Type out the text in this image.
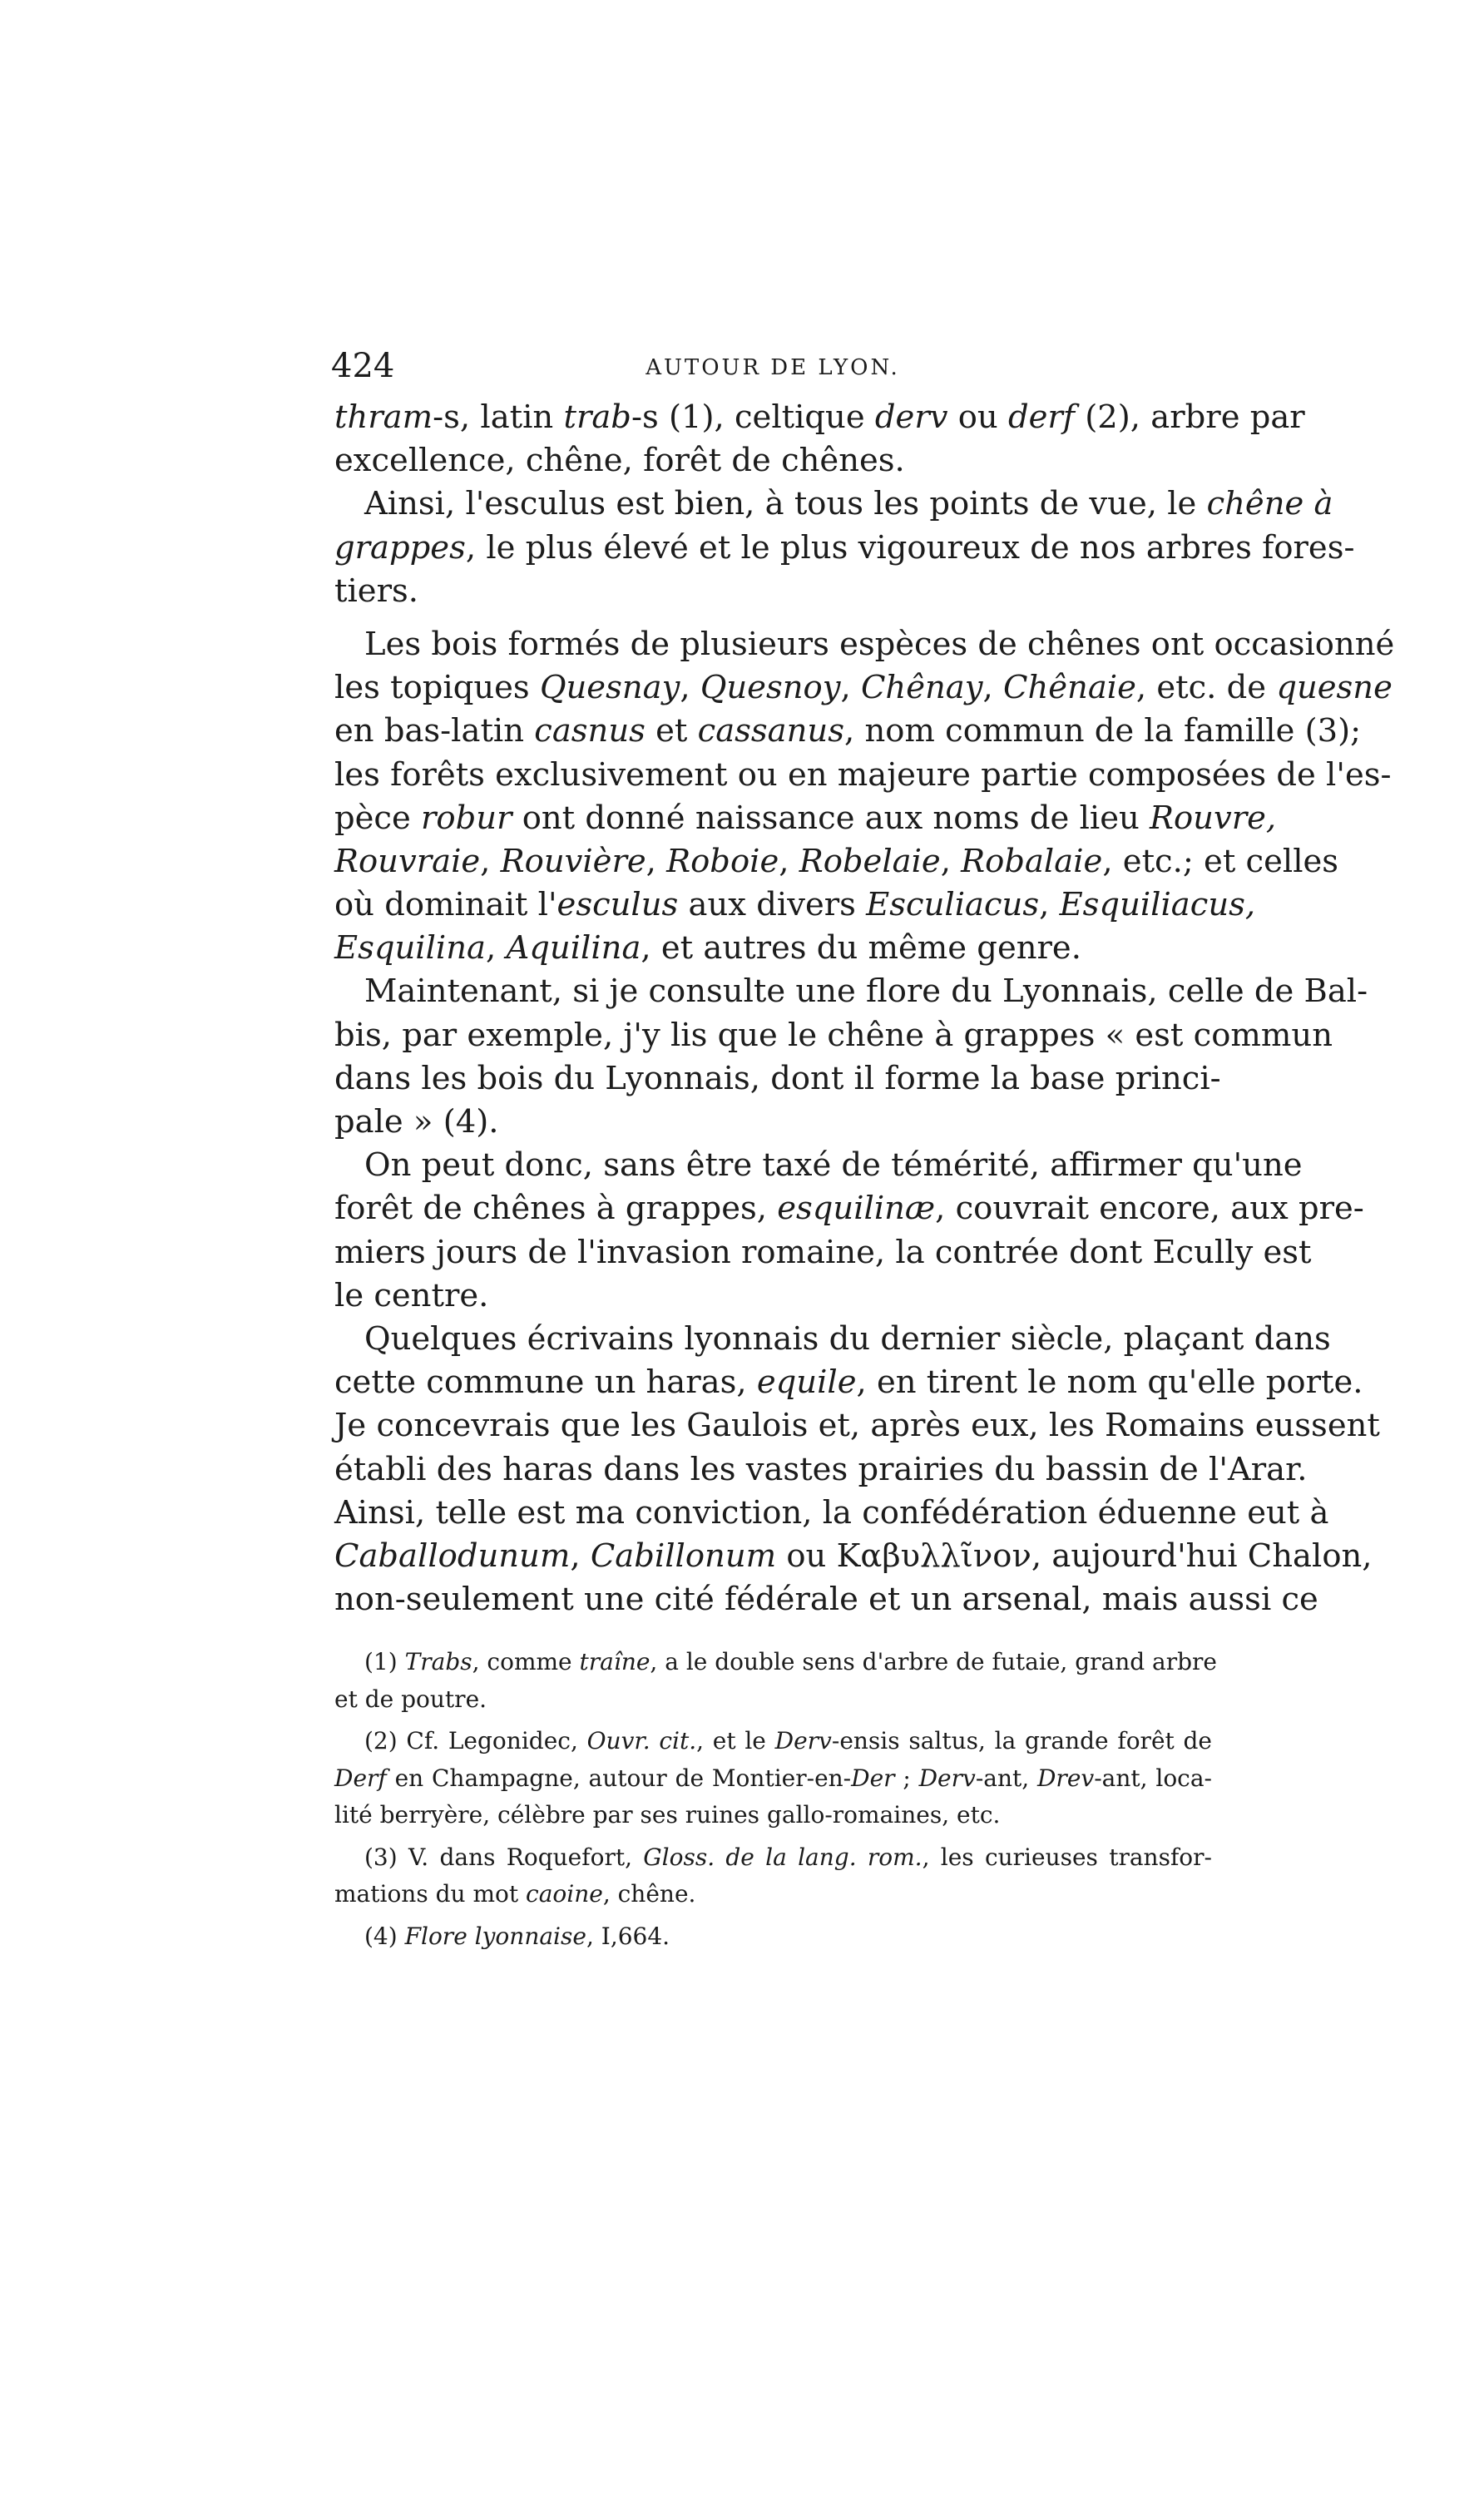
424	AUTOUR DE LYON.
thram-s, latin trab-s (1), celtique derv ou derf (2), arbre par
excellence, chêne, forêt de chênes.
Ainsi, l'esculus est bien, à tous les points de vue, le chêne à
grappes, le plus élevé et le plus vigoureux de nos arbres fores-
tiers.
Les bois formés de plusieurs espèces de chênes ont occasionné
les topiques Quesnay, Quesnoy, Chênay, Chênaie, etc. de quesne
en bas-latin casnus et cassanus, nom commun de la famille (3);
les forêts exclusivement ou en majeure partie composées de l'es-
pèce robur ont donné naissance aux noms de lieu Rouvre,
Rouvraie, Rouvière, Roboie, Robelaie, Robalaie, etc.; et celles
où dominait l'esculus aux divers Esculiacus, Esquiliacus,
Esquilina, Aquilina, et autres du même genre.
Maintenant, si je consulte une flore du Lyonnais, celle de Bal-
bis, par exemple, j'y lis que le chêne à grappes « est commun
dans les bois du Lyonnais, dont il forme la base princi-
pale » (4).
On peut donc, sans être taxé de témérité, affirmer qu'une
forêt de chênes à grappes, esquilinæ, couvrait encore, aux pre-
miers jours de l'invasion romaine, la contrée dont Ecully est
le centre.
Quelques écrivains lyonnais du dernier siècle, plaçant dans
cette commune un haras, equile, en tirent le nom qu'elle porte.
Je concevrais que les Gaulois et, après eux, les Romains eussent
établi des haras dans les vastes prairies du bassin de l'Arar.
Ainsi, telle est ma conviction, la confédération éduenne eut à
Caballodunum, Cabillonum ou Καβυλλῖνον, aujourd'hui Chalon,
non-seulement une cité fédérale et un arsenal, mais aussi ce
(1) Trabs, comme traîne, a le double sens d'arbre de futaie, grand arbre
et de poutre.
(2) Cf. Legonidec, Ouvr. cit., et le Derv-ensis saltus, la grande forêt de
Derf en Champagne, autour de Montier-en-Der ; Derv-ant, Drev-ant, loca-
lité berryère, célèbre par ses ruines gallo-romaines, etc.
(3) V. dans Roquefort, Gloss. de la lang. rom., les curieuses transfor-
mations du mot caoine, chêne.
(4) Flore lyonnaise, I,664.
